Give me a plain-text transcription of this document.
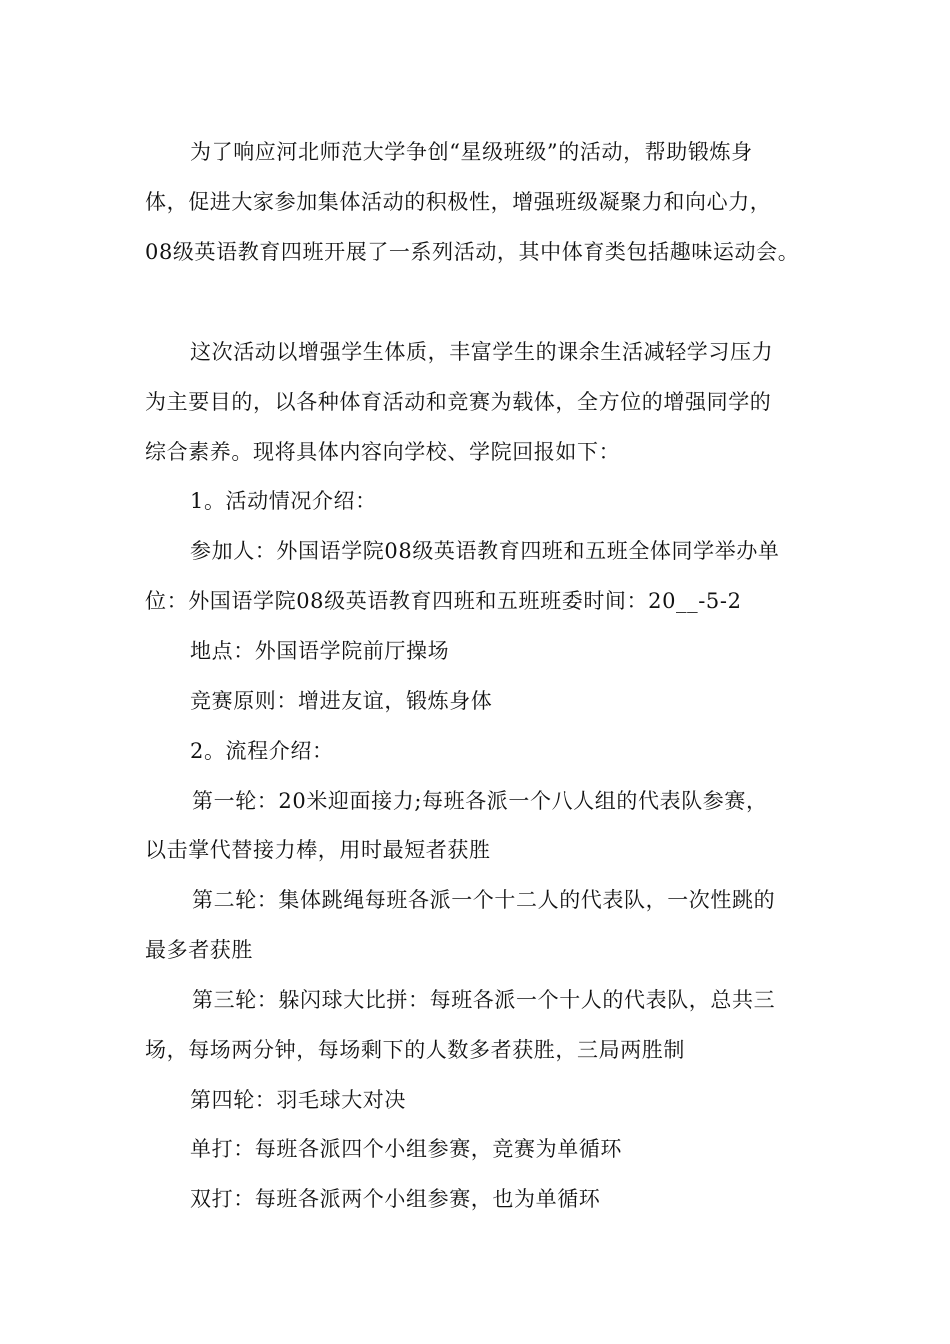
为了响应河北师范大学争创“星级班级”的活动，帮助锻炼身
体，促进大家参加集体活动的积极性，增强班级凝聚力和向心力，
08级英语教育四班开展了一系列活动，其中体育类包括趣味运动会。
这次活动以增强学生体质，丰富学生的课余生活减轻学习压力
为主要目的，以各种体育活动和竞赛为载体，全方位的增强同学的
综合素养。现将具体内容向学校、学院回报如下：
1。活动情况介绍：
参加人：外国语学院08级英语教育四班和五班全体同学举办单
位：外国语学院08级英语教育四班和五班班委时间：20__-5-2
地点：外国语学院前厅操场
竞赛原则：增进友谊，锻炼身体
2。流程介绍：
第一轮：20米迎面接力;每班各派一个八人组的代表队参赛，
以击掌代替接力棒，用时最短者获胜
第二轮：集体跳绳每班各派一个十二人的代表队，一次性跳的
最多者获胜
第三轮：躲闪球大比拼：每班各派一个十人的代表队，总共三
场，每场两分钟，每场剩下的人数多者获胜，三局两胜制
第四轮：羽毛球大对决
单打：每班各派四个小组参赛，竞赛为单循环
双打：每班各派两个小组参赛，也为单循环
